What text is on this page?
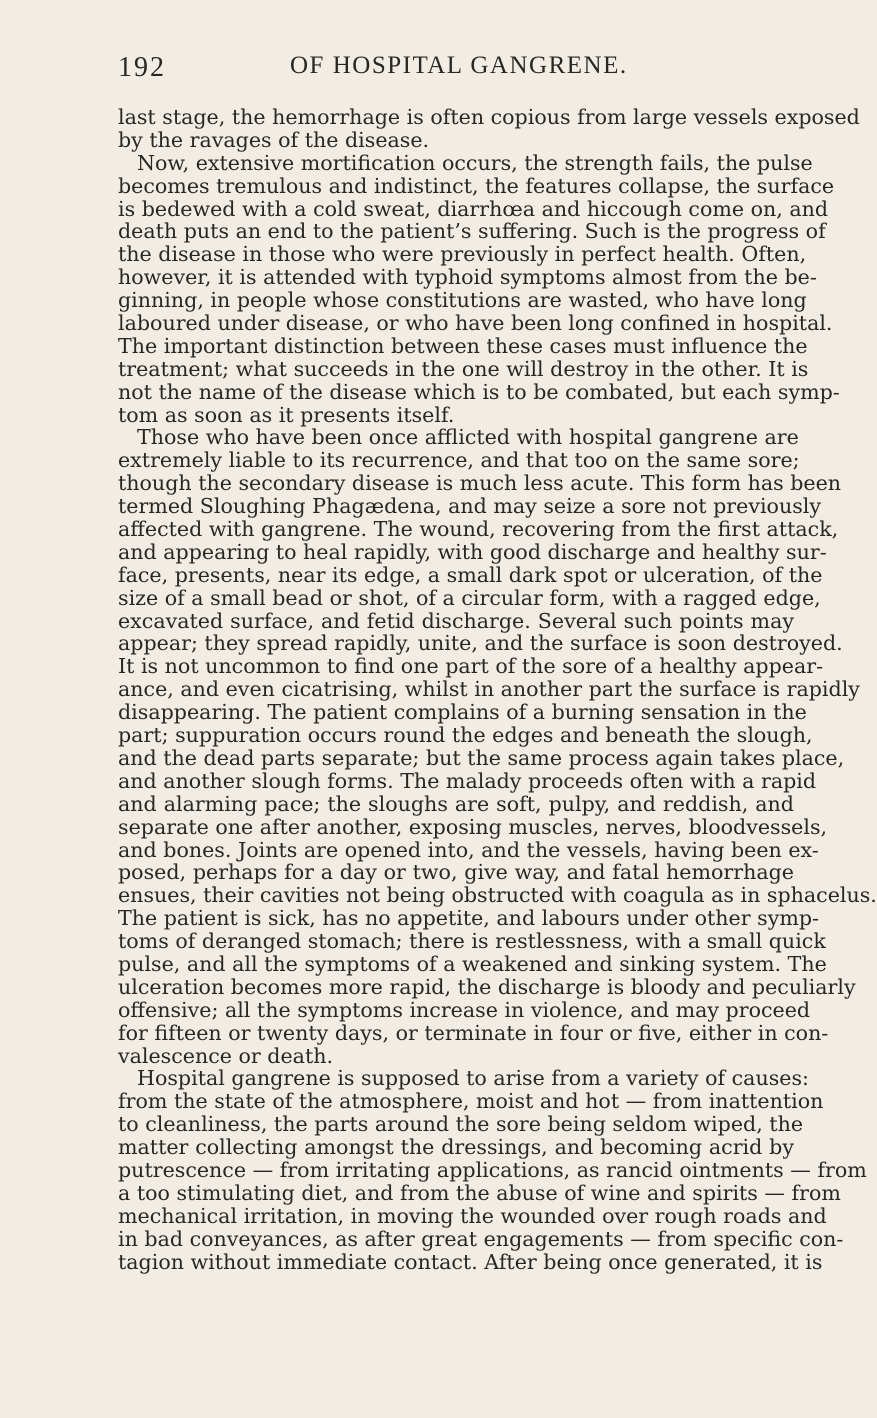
192	OF HOSPITAL GANGRENE.
last stage, the hemorrhage is often copious from large vessels exposed
by the ravages of the disease.
Now, extensive mortification occurs, the strength fails, the pulse
becomes tremulous and indistinct, the features collapse, the surface
is bedewed with a cold sweat, diarrhœa and hiccough come on, and
death puts an end to the patient’s suffering. Such is the progress of
the disease in those who were previously in perfect health. Often,
however, it is attended with typhoid symptoms almost from the be-
ginning, in people whose constitutions are wasted, who have long
laboured under disease, or who have been long confined in hospital.
The important distinction between these cases must influence the
treatment; what succeeds in the one will destroy in the other. It is
not the name of the disease which is to be combated, but each symp-
tom as soon as it presents itself.
Those who have been once afflicted with hospital gangrene are
extremely liable to its recurrence, and that too on the same sore;
though the secondary disease is much less acute. This form has been
termed Sloughing Phagædena, and may seize a sore not previously
affected with gangrene. The wound, recovering from the first attack,
and appearing to heal rapidly, with good discharge and healthy sur-
face, presents, near its edge, a small dark spot or ulceration, of the
size of a small bead or shot, of a circular form, with a ragged edge,
excavated surface, and fetid discharge. Several such points may
appear; they spread rapidly, unite, and the surface is soon destroyed.
It is not uncommon to find one part of the sore of a healthy appear-
ance, and even cicatrising, whilst in another part the surface is rapidly
disappearing. The patient complains of a burning sensation in the
part; suppuration occurs round the edges and beneath the slough,
and the dead parts separate; but the same process again takes place,
and another slough forms. The malady proceeds often with a rapid
and alarming pace; the sloughs are soft, pulpy, and reddish, and
separate one after another, exposing muscles, nerves, bloodvessels,
and bones. Joints are opened into, and the vessels, having been ex-
posed, perhaps for a day or two, give way, and fatal hemorrhage
ensues, their cavities not being obstructed with coagula as in sphacelus.
The patient is sick, has no appetite, and labours under other symp-
toms of deranged stomach; there is restlessness, with a small quick
pulse, and all the symptoms of a weakened and sinking system. The
ulceration becomes more rapid, the discharge is bloody and peculiarly
offensive; all the symptoms increase in violence, and may proceed
for fifteen or twenty days, or terminate in four or five, either in con-
valescence or death.
Hospital gangrene is supposed to arise from a variety of causes:
from the state of the atmosphere, moist and hot — from inattention
to cleanliness, the parts around the sore being seldom wiped, the
matter collecting amongst the dressings, and becoming acrid by
putrescence — from irritating applications, as rancid ointments — from
a too stimulating diet, and from the abuse of wine and spirits — from
mechanical irritation, in moving the wounded over rough roads and
in bad conveyances, as after great engagements — from specific con-
tagion without immediate contact. After being once generated, it is
